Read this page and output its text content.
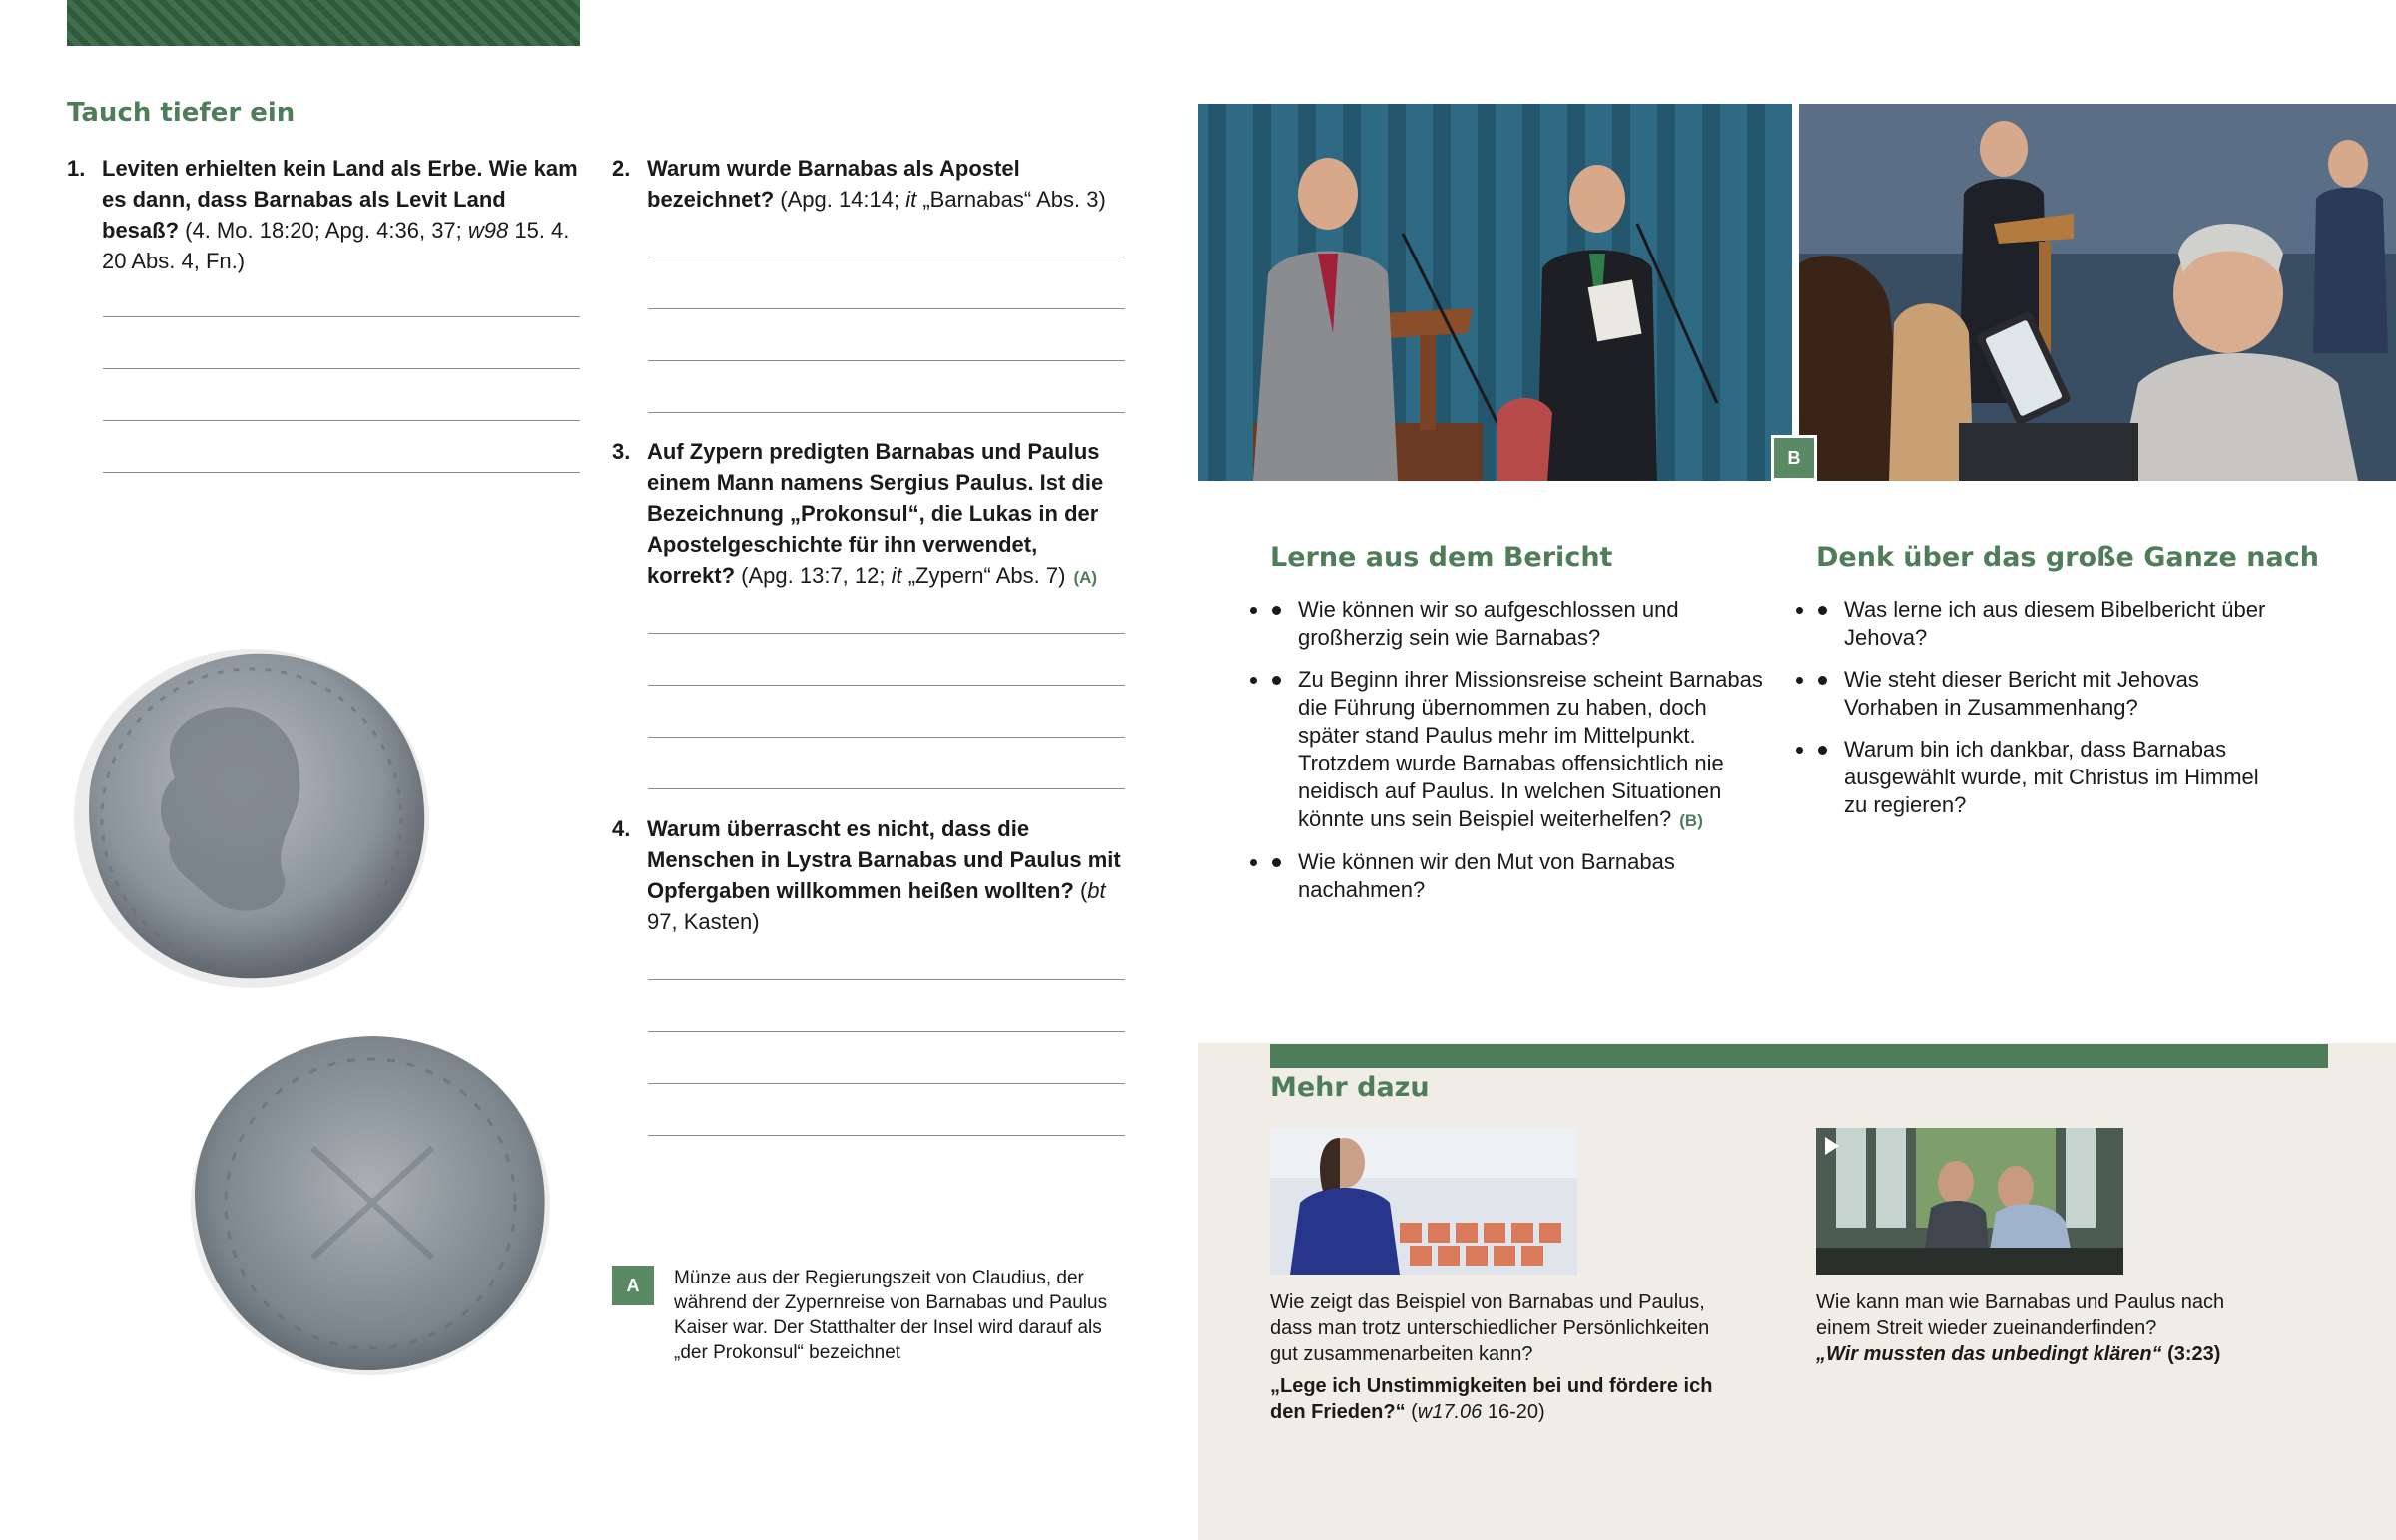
Tauch tiefer ein
1. Leviten erhielten kein Land als Erbe. Wie kam es dann, dass Barnabas als Levit Land besaß? (4. Mo. 18:20; Apg. 4:36, 37; w98 15. 4. 20 Abs. 4, Fn.)
2. Warum wurde Barnabas als Apostel bezeichnet? (Apg. 14:14; it „Barnabas“ Abs. 3)
3. Auf Zypern predigten Barnabas und Paulus einem Mann namens Sergius Paulus. Ist die Bezeichnung „Prokonsul“, die Lukas in der Apostelgeschichte für ihn verwendet, korrekt? (Apg. 13:7, 12; it „Zypern“ Abs. 7) (A)
4. Warum überrascht es nicht, dass die Menschen in Lystra Barnabas und Paulus mit Opfergaben willkommen heißen wollten? (bt 97, Kasten)
A	Münze aus der Regierungszeit von Claudius, der während der Zypernreise von Barnabas und Paulus Kaiser war. Der Statthalter der Insel wird darauf als „der Prokonsul“ bezeichnet
B
Lerne aus dem Bericht
• Wie können wir so aufgeschlossen und großherzig sein wie Barnabas?
• Zu Beginn ihrer Missionsreise scheint Barnabas die Führung übernommen zu haben, doch später stand Paulus mehr im Mittelpunkt. Trotzdem wurde Barnabas offensichtlich nie neidisch auf Paulus. In welchen Situationen könnte uns sein Beispiel weiterhelfen? (B)
• Wie können wir den Mut von Barnabas nachahmen?
Denk über das große Ganze nach
• Was lerne ich aus diesem Bibelbericht über Jehova?
• Wie steht dieser Bericht mit Jehovas Vorhaben in Zusammenhang?
• Warum bin ich dankbar, dass Barnabas ausgewählt wurde, mit Christus im Himmel zu regieren?
Mehr dazu
Wie zeigt das Beispiel von Barnabas und Paulus, dass man trotz unterschiedlicher Persönlichkeiten gut zusammenarbeiten kann?
„Lege ich Unstimmigkeiten bei und fördere ich den Frieden?“ (w17.06 16-20)
Wie kann man wie Barnabas und Paulus nach einem Streit wieder zueinanderfinden?
„Wir mussten das unbedingt klären“ (3:23)
